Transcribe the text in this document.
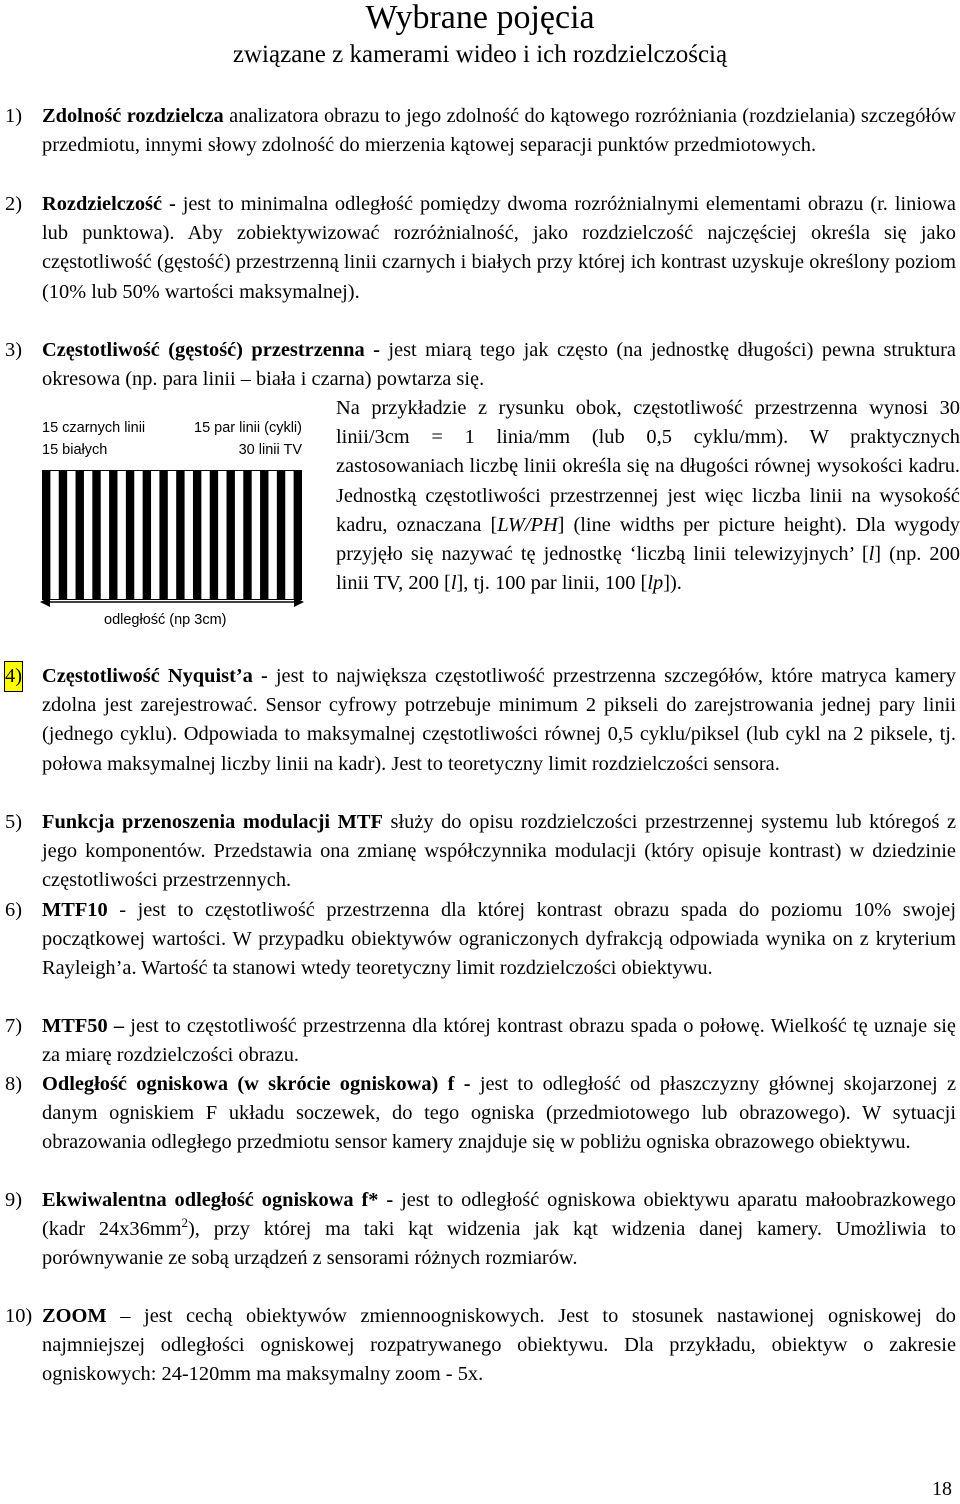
Wybrane pojęcia
związane z kamerami wideo i ich rozdzielczością
1) Zdolność rozdzielcza analizatora obrazu to jego zdolność do kątowego rozróżniania (rozdzielania) szczegółów przedmiotu, innymi słowy zdolność do mierzenia kątowej separacji punktów przedmiotowych.
2) Rozdzielczość - jest to minimalna odległość pomiędzy dwoma rozróżnialnymi elementami obrazu (r. liniowa lub punktowa). Aby zobiektywizować rozróżnialność, jako rozdzielczość najczęściej określa się jako częstotliwość (gęstość) przestrzenną linii czarnych i białych przy której ich kontrast uzyskuje określony poziom (10% lub 50% wartości maksymalnej).
3) Częstotliwość (gęstość) przestrzenna - jest miarą tego jak często (na jednostkę długości) pewna struktura okresowa (np. para linii – biała i czarna) powtarza się.
15 czarnych linii
15 białych
15 par linii (cykli)
30 linii TV
odległość (np 3cm)
Na przykładzie z rysunku obok, częstotliwość przestrzenna wynosi 30 linii/3cm = 1 linia/mm (lub 0,5 cyklu/mm). W praktycznych zastosowaniach liczbę linii określa się na długości równej wysokości kadru. Jednostką częstotliwości przestrzennej jest więc liczba linii na wysokość kadru, oznaczana [LW/PH] (line widths per picture height). Dla wygody przyjęło się nazywać tę jednostkę ‘liczbą linii telewizyjnych’ [l] (np. 200 linii TV, 200 [l], tj. 100 par linii, 100 [lp]).
4) Częstotliwość Nyquist’a - jest to największa częstotliwość przestrzenna szczegółów, które matryca kamery zdolna jest zarejestrować. Sensor cyfrowy potrzebuje minimum 2 pikseli do zarejstrowania jednej pary linii (jednego cyklu). Odpowiada to maksymalnej częstotliwości równej 0,5 cyklu/piksel (lub cykl na 2 piksele, tj. połowa maksymalnej liczby linii na kadr). Jest to teoretyczny limit rozdzielczości sensora.
5) Funkcja przenoszenia modulacji MTF służy do opisu rozdzielczości przestrzennej systemu lub któregoś z jego komponentów. Przedstawia ona zmianę współczynnika modulacji (który opisuje kontrast) w dziedzinie częstotliwości przestrzennych.
6) MTF10 - jest to częstotliwość przestrzenna dla której kontrast obrazu spada do poziomu 10% swojej początkowej wartości. W przypadku obiektywów ograniczonych dyfrakcją odpowiada wynika on z kryterium Rayleigh’a. Wartość ta stanowi wtedy teoretyczny limit rozdzielczości obiektywu.
7) MTF50 – jest to częstotliwość przestrzenna dla której kontrast obrazu spada o połowę. Wielkość tę uznaje się za miarę rozdzielczości obrazu.
8) Odległość ogniskowa (w skrócie ogniskowa) f - jest to odległość od płaszczyzny głównej skojarzonej z danym ogniskiem F układu soczewek, do tego ogniska (przedmiotowego lub obrazowego). W sytuacji obrazowania odległego przedmiotu sensor kamery znajduje się w pobliżu ogniska obrazowego obiektywu.
9) Ekwiwalentna odległość ogniskowa f* - jest to odległość ogniskowa obiektywu aparatu małoobrazkowego (kadr $24x36mm^2$), przy której ma taki kąt widzenia jak kąt widzenia danej kamery. Umożliwia to porównywanie ze sobą urządzeń z sensorami różnych rozmiarów.
10) ZOOM – jest cechą obiektywów zmiennoogniskowych. Jest to stosunek nastawionej ogniskowej do najmniejszej odległości ogniskowej rozpatrywanego obiektywu. Dla przykładu, obiektyw o zakresie ogniskowych: 24-120mm ma maksymalny zoom - 5x.
18
